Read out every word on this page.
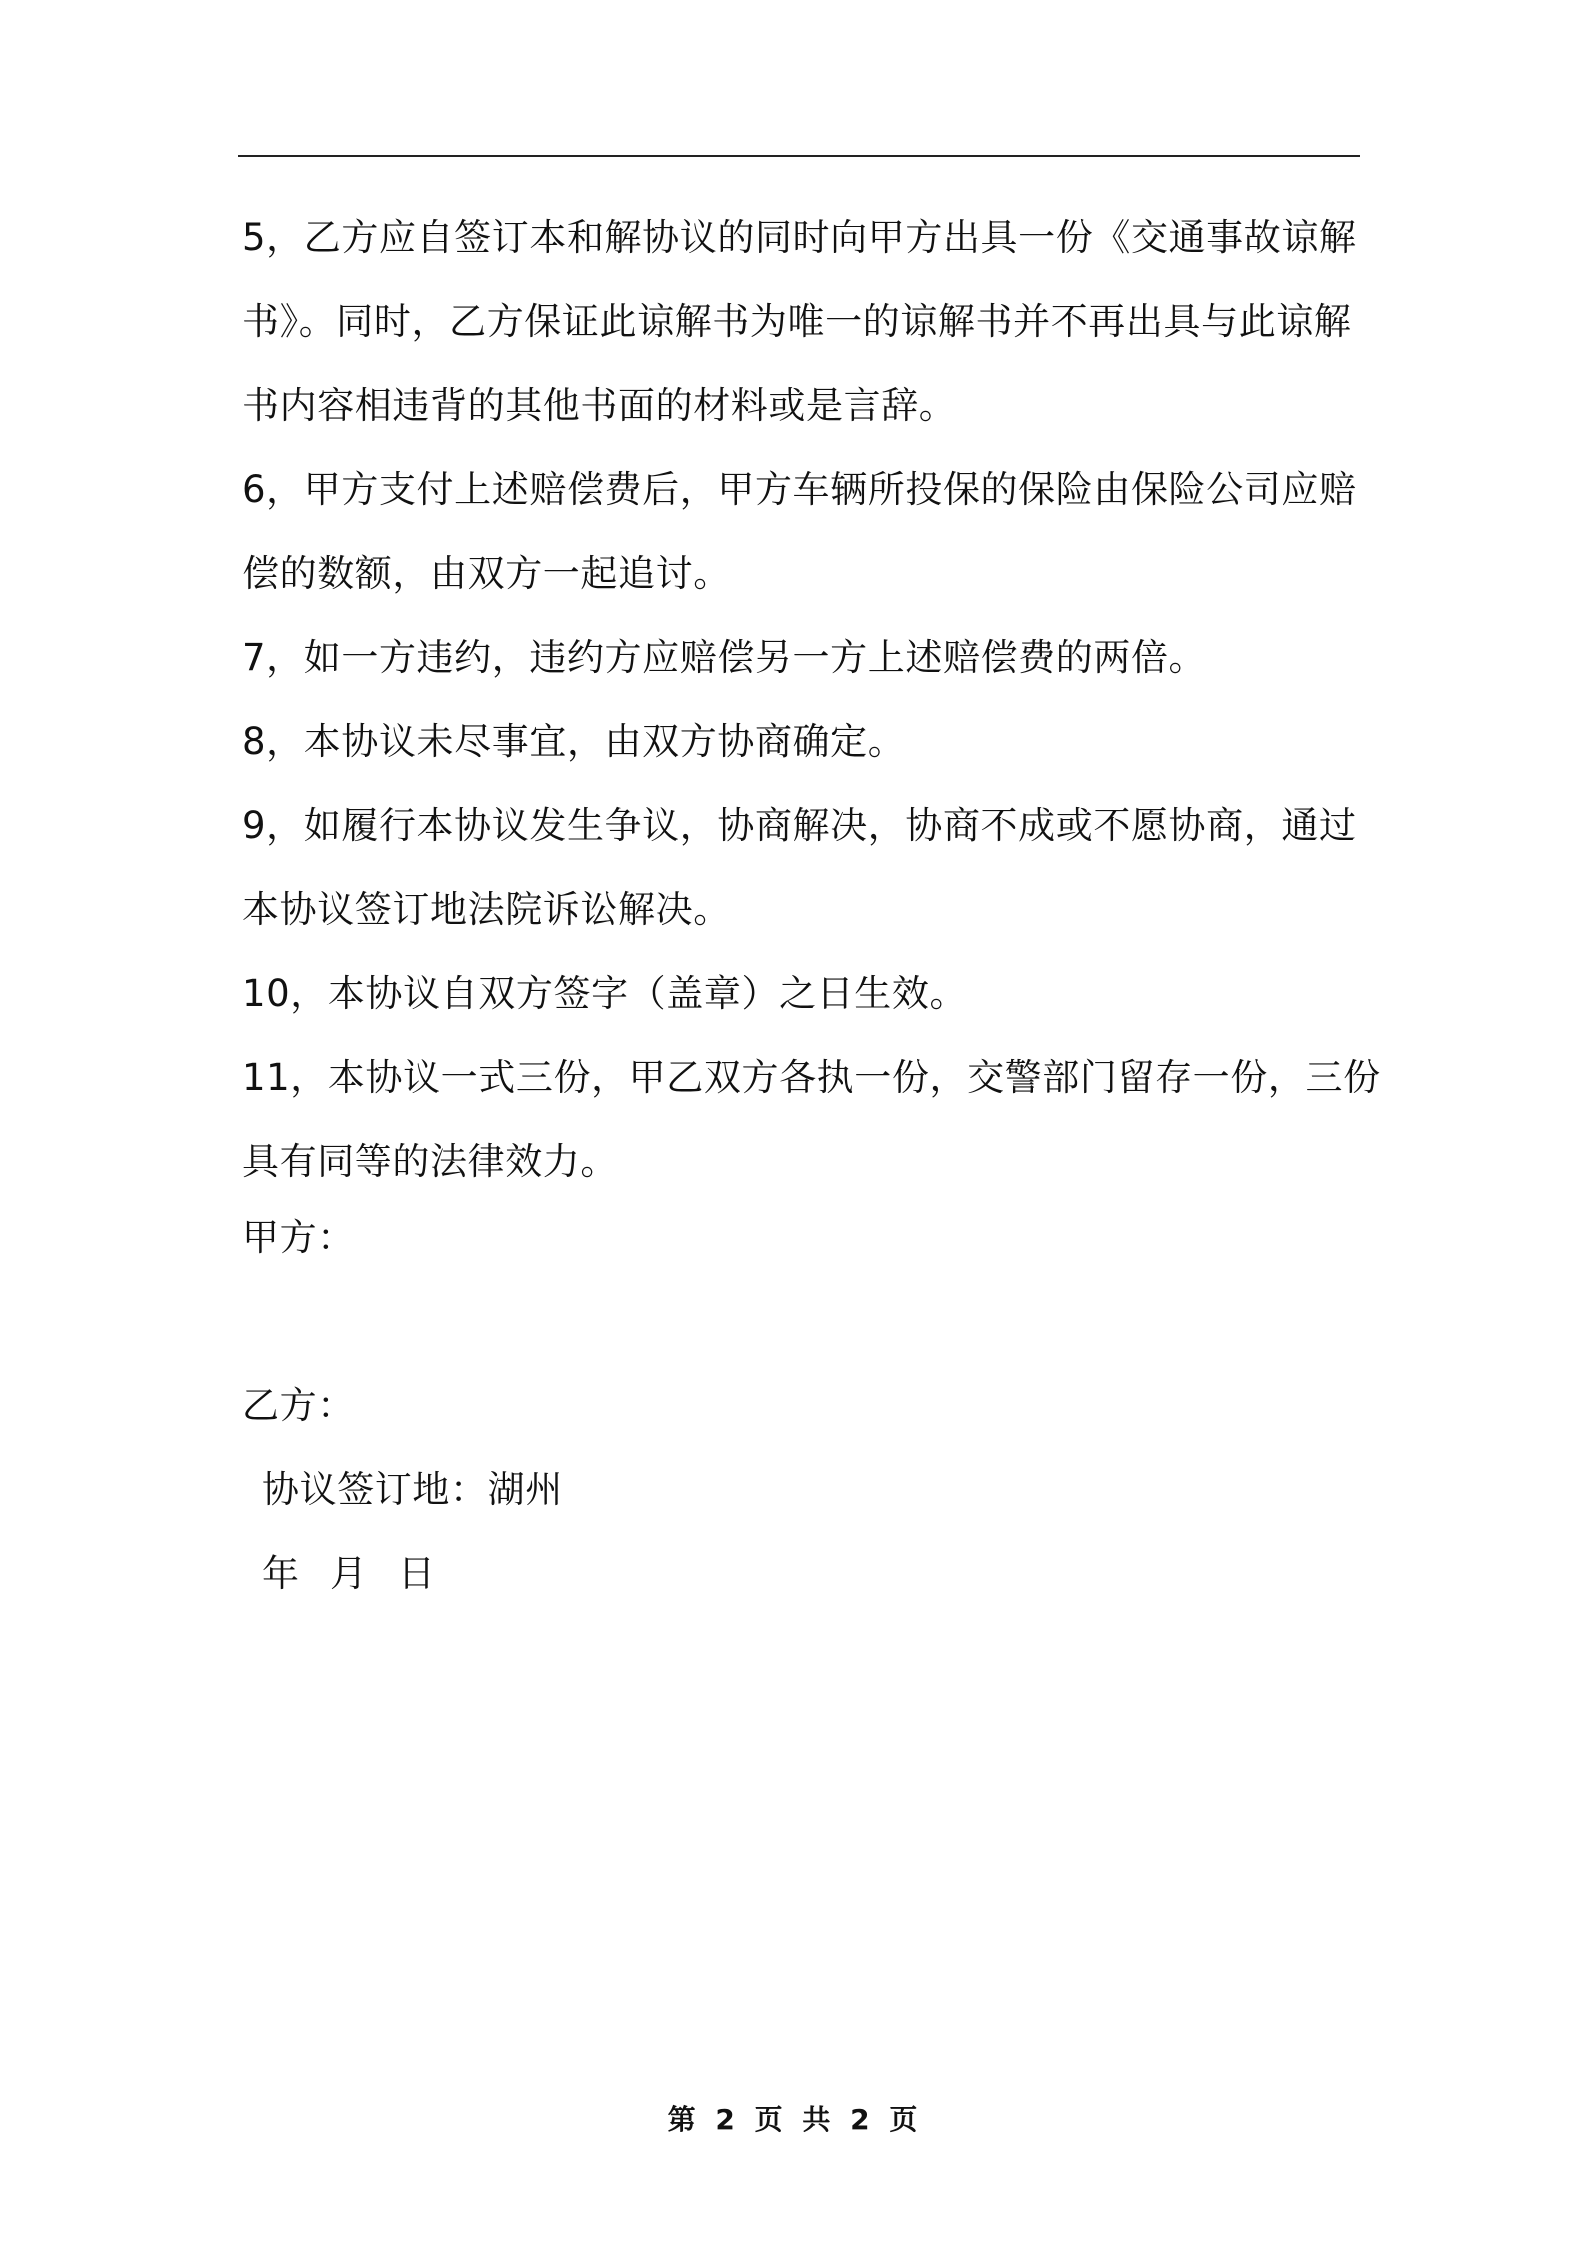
5，乙方应自签订本和解协议的同时向甲方出具一份《交通事故谅解
书》。同时，乙方保证此谅解书为唯一的谅解书并不再出具与此谅解
书内容相违背的其他书面的材料或是言辞。

6，甲方支付上述赔偿费后，甲方车辆所投保的保险由保险公司应赔
偿的数额，由双方一起追讨。

7，如一方违约，违约方应赔偿另一方上述赔偿费的两倍。

8，本协议未尽事宜，由双方协商确定。

9，如履行本协议发生争议，协商解决，协商不成或不愿协商，通过
本协议签订地法院诉讼解决。

10，本协议自双方签字（盖章）之日生效。

11，本协议一式三份，甲乙双方各执一份，交警部门留存一份，三份
具有同等的法律效力。

甲方：
乙方：
协议签订地：湖州
年 月 日
第 2 页 共 2 页
